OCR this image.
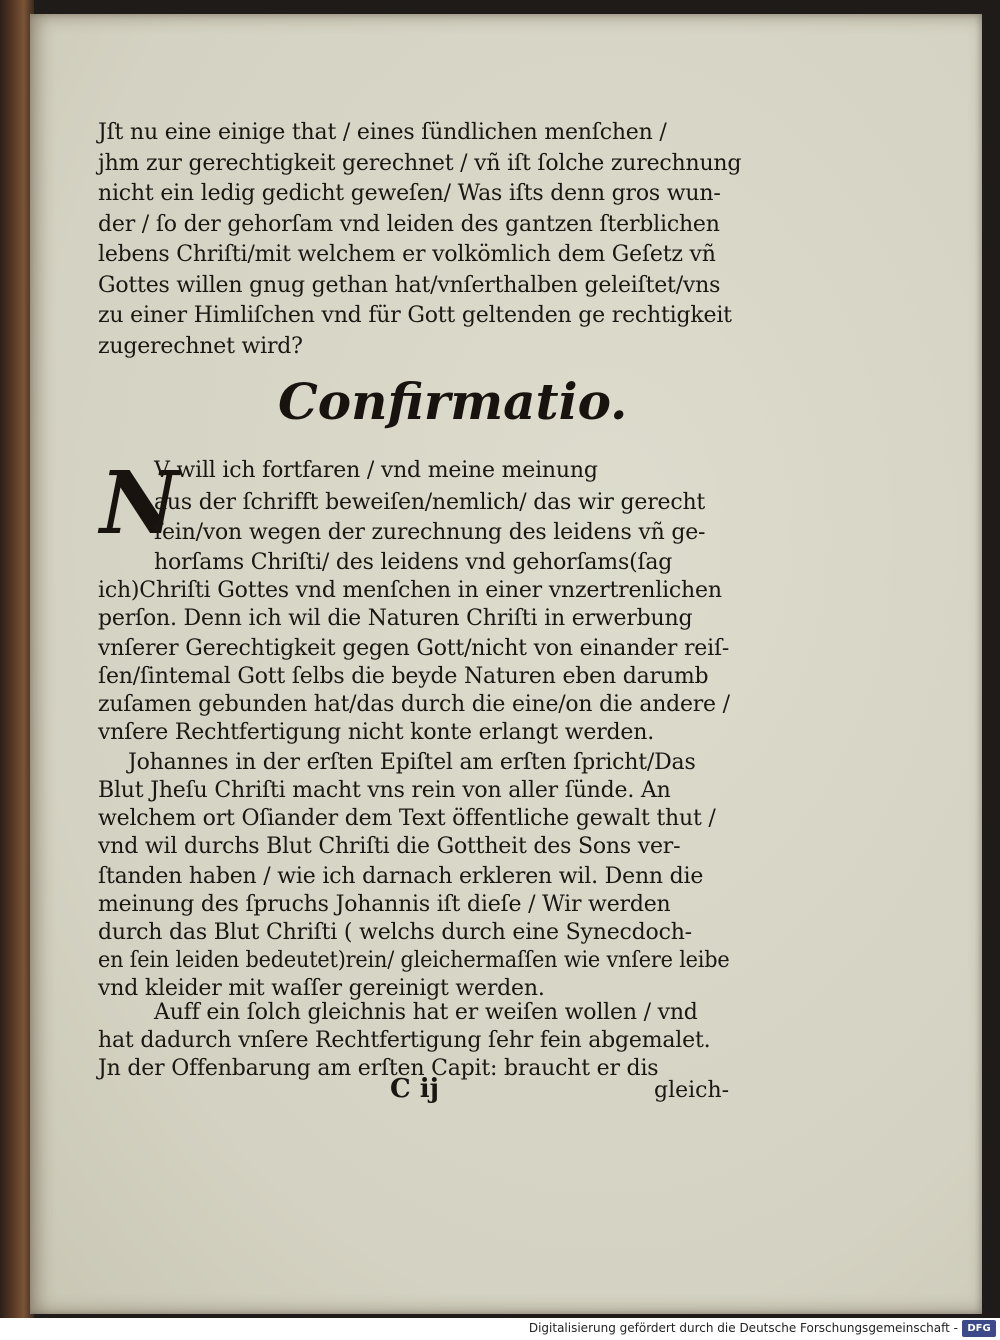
Jſt nu eine einige that / eines ſündlichen menſchen /

jhm zur gerechtigkeit gerechnet / vñ iſt ſolche zurechnung

nicht ein ledig gedicht geweſen/ Was iſts denn gros wun-

der / ſo der gehorſam vnd leiden des gantzen ſterblichen

lebens Chriſti/mit welchem er volkömlich dem Geſetz vñ

Gottes willen gnug gethan hat/vnſerthalben geleiſtet/vns

zu einer Himliſchen vnd für Gott geltenden ge rechtigkeit

zugerechnet wird?

Confirmatio.
N

V will ich fortfaren / vnd meine meinung

aus der ſchrifft beweiſen/nemlich/ das wir gerecht

ſein/von wegen der zurechnung des leidens vñ ge-

horſams Chriſti/ des leidens vnd gehorſams(ſag

ich)Chriſti Gottes vnd menſchen in einer vnzertrenlichen

perſon. Denn ich wil die Naturen Chriſti in erwerbung

vnſerer Gerechtigkeit gegen Gott/nicht von einander reiſ-

ſen/ſintemal Gott ſelbs die beyde Naturen eben darumb

zuſamen gebunden hat/das durch die eine/on die andere /

vnſere Rechtfertigung nicht konte erlangt werden.

Johannes in der erſten Epiſtel am erſten ſpricht/Das

Blut Jheſu Chriſti macht vns rein von aller ſünde. An

welchem ort Oſiander dem Text öffentliche gewalt thut /

vnd wil durchs Blut Chriſti die Gottheit des Sons ver-

ſtanden haben / wie ich darnach erkleren wil. Denn die

meinung des ſpruchs Johannis iſt dieſe / Wir werden

durch das Blut Chriſti ( welchs durch eine Synecdoch-

en ſein leiden bedeutet)rein/ gleichermaſſen wie vnſere leibe

vnd kleider mit waſſer gereinigt werden.

Auff ein ſolch gleichnis hat er weiſen wollen / vnd

hat dadurch vnſere Rechtfertigung ſehr fein abgemalet.

Jn der Offenbarung am erſten Capit: braucht er dis

C ij	gleich-
Digitalisierung gefördert durch die Deutsche Forschungsgemeinschaft - DFG
